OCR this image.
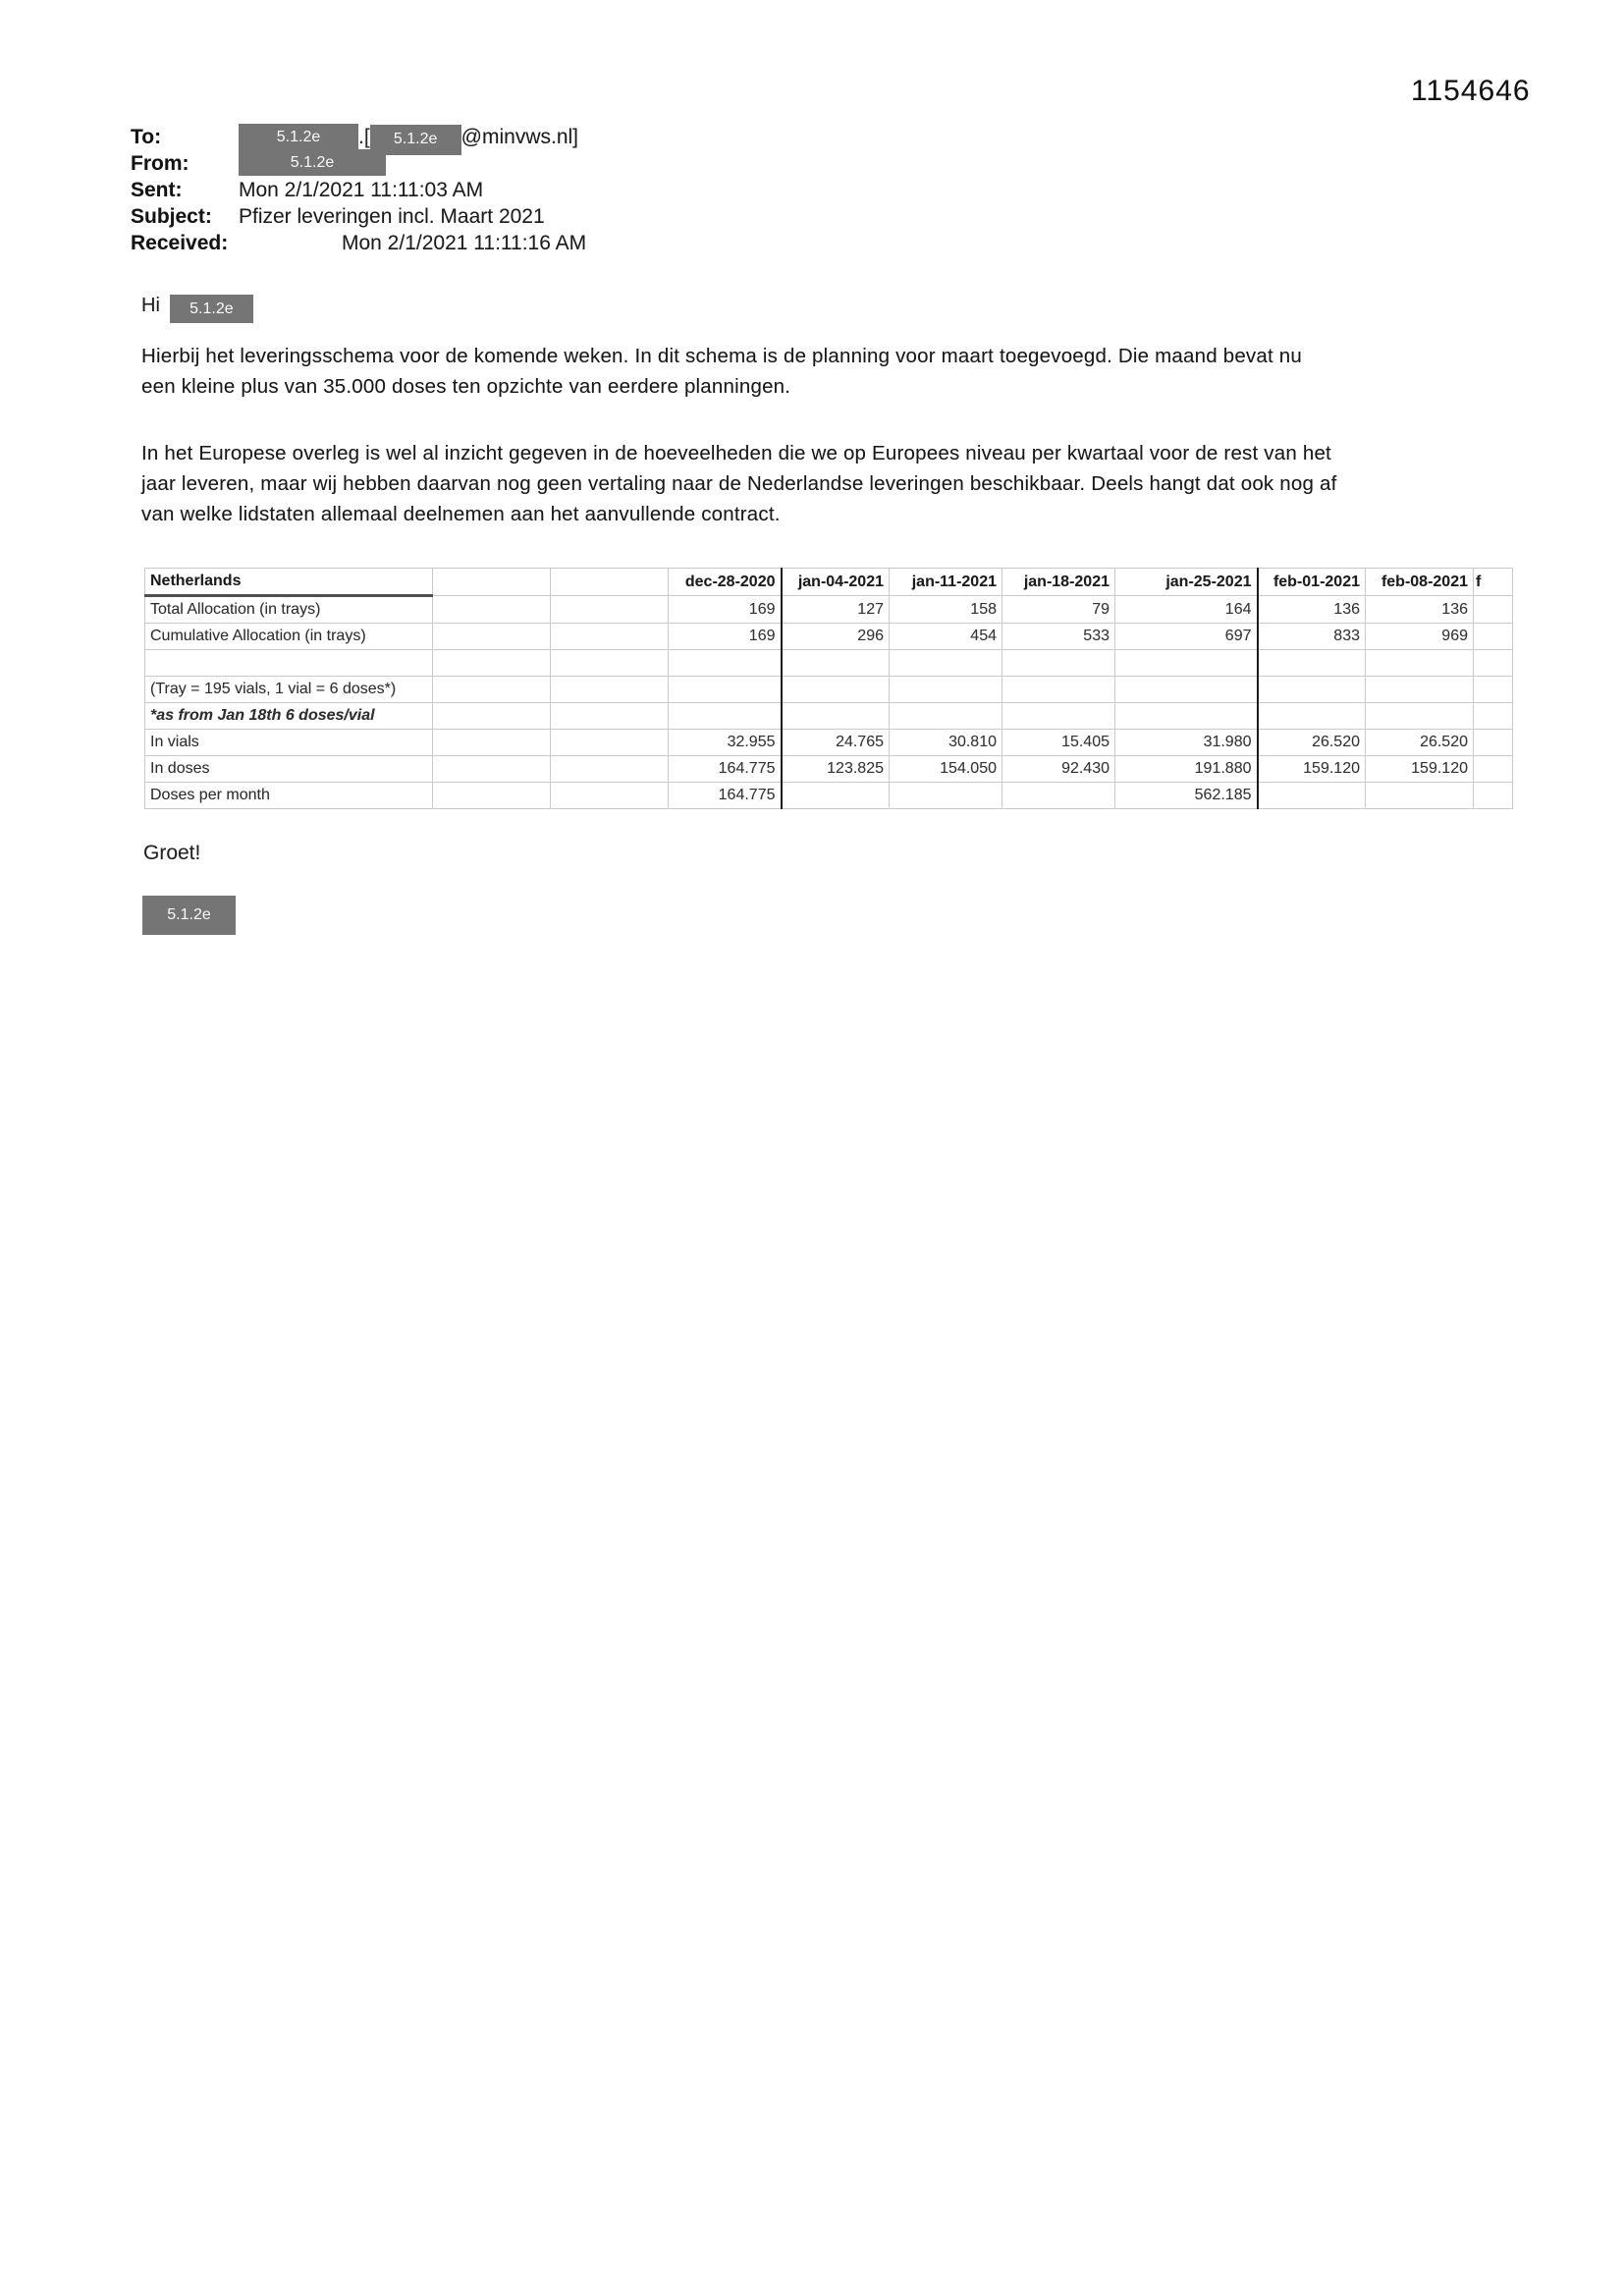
1154646
To:	5.1.2e .[ 5.1.2e @minvws.nl]
From:	5.1.2e
Sent:	Mon 2/1/2021 11:11:03 AM
Subject: Pfizer leveringen incl. Maart 2021
Received:	Mon 2/1/2021 11:11:16 AM
Hi 5.1.2e
Hierbij het leveringsschema voor de komende weken. In dit schema is de planning voor maart toegevoegd. Die maand bevat nu
een kleine plus van 35.000 doses ten opzichte van eerdere planningen.
In het Europese overleg is wel al inzicht gegeven in de hoeveelheden die we op Europees niveau per kwartaal voor de rest van het
jaar leveren, maar wij hebben daarvan nog geen vertaling naar de Nederlandse leveringen beschikbaar. Deels hangt dat ook nog af
van welke lidstaten allemaal deelnemen aan het aanvullende contract.
Netherlands			dec-28-2020	jan-04-2021	jan-11-2021	jan-18-2021	jan-25-2021	feb-01-2021	feb-08-2021	f
Total Allocation (in trays)			169	127	158	79	164	136	136	
Cumulative Allocation (in trays)			169	296	454	533	697	833	969	

(Tray = 195 vials, 1 vial = 6 doses*)										
*as from Jan 18th 6 doses/vial										
In vials			32.955	24.765	30.810	15.405	31.980	26.520	26.520	
In doses			164.775	123.825	154.050	92.430	191.880	159.120	159.120	
Doses per month			164.775				562.185			
Groet!
5.1.2e
